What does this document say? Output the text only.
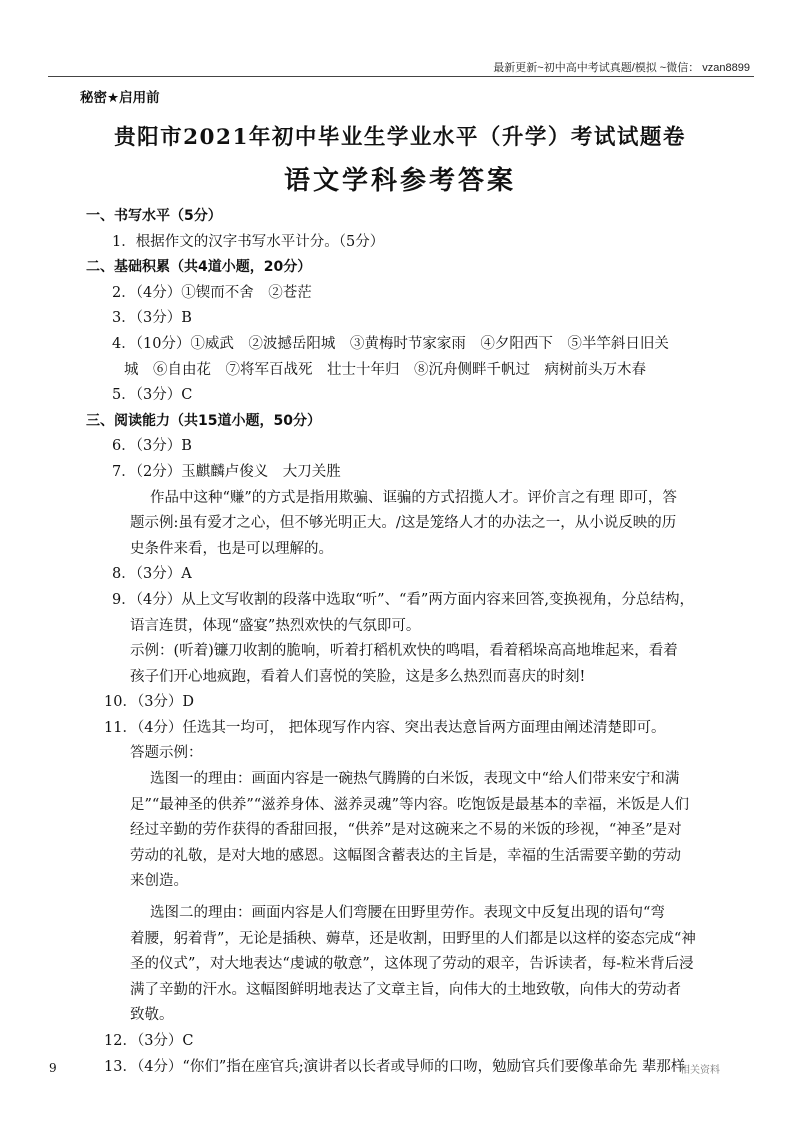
最新更新~初中高中考试真题/模拟 ~微信： vzan8899
秘密★启用前
贵阳市2021年初中毕业生学业水平（升学）考试试题卷
语文学科参考答案
一、书写水平（5分）
1．根据作文的汉字书写水平计分。（5分）
二、基础积累（共4道小题，20分）
2．（4分）①锲而不舍　②苍茫
3．（3分）B
4．（10分）①威武　②波撼岳阳城　③黄梅时节家家雨　④夕阳西下　⑤半竿斜日旧关
城　⑥自由花　⑦将军百战死　壮士十年归　⑧沉舟侧畔千帆过　病树前头万木春
5．（3分）C
三、阅读能力（共15道小题，50分）
6．（3分）B
7．（2分）玉麒麟卢俊义　大刀关胜
作品中这种“赚”的方式是指用欺骗、诓骗的方式招揽人才。评价言之有理 即可，答
题示例:虽有爱才之心，但不够光明正大。/这是笼络人才的办法之一，从小说反映的历
史条件来看，也是可以理解的。
8．（3分）A
9．（4分）从上文写收割的段落中选取“听”、“看”两方面内容来回答,变换视角，分总结构，
语言连贯，体现“盛宴”热烈欢快的气氛即可。
示例：(听着)镰刀收割的脆响，听着打稻机欢快的鸣唱，看着稻垛高高地堆起来，看着
孩子们开心地疯跑，看着人们喜悦的笑脸，这是多么热烈而喜庆的时刻!
10．（3分）D
11．（4分）任选其一均可， 把体现写作内容、突出表达意旨两方面理由阐述清楚即可。
答题示例：
选图一的理由：画面内容是一碗热气腾腾的白米饭，表现文中“给人们带来安宁和满
足”“最神圣的供养”“滋养身体、滋养灵魂”等内容。吃饱饭是最基本的幸福，米饭是人们
经过辛勤的劳作获得的香甜回报，“供养”是对这碗来之不易的米饭的珍视，“神圣”是对
劳动的礼敬，是对大地的感恩。这幅图含蓄表达的主旨是，幸福的生活需要辛勤的劳动
来创造。
选图二的理由：画面内容是人们弯腰在田野里劳作。表现文中反复出现的语句“弯
着腰，躬着背”，无论是插秧、薅草，还是收割，田野里的人们都是以这样的姿态完成“神
圣的仪式”，对大地表达“虔诚的敬意”，这体现了劳动的艰辛，告诉读者，每-粒米背后浸
满了辛勤的汗水。这幅图鲜明地表达了文章主旨，向伟大的土地致敬，向伟大的劳动者
致敬。
12．（3分）C
13．（4分）“你们”指在座官兵;演讲者以长者或导师的口吻，勉励官兵们要像革命先 辈那样
9	相关资料
